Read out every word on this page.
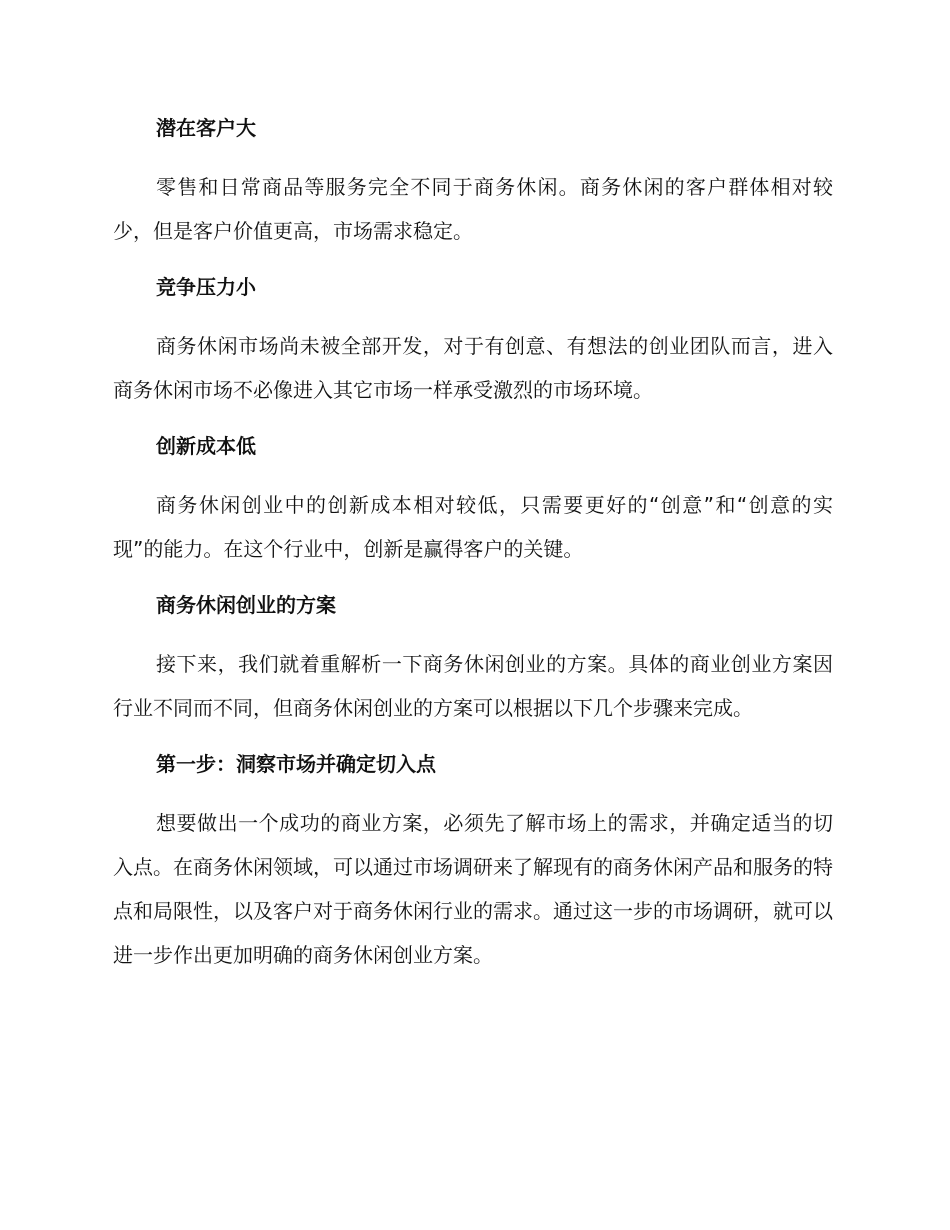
潜在客户大
零售和日常商品等服务完全不同于商务休闲。商务休闲的客户群体相对较少，但是客户价值更高，市场需求稳定。
竞争压力小
商务休闲市场尚未被全部开发，对于有创意、有想法的创业团队而言，进入商务休闲市场不必像进入其它市场一样承受激烈的市场环境。
创新成本低
商务休闲创业中的创新成本相对较低，只需要更好的“创意”和“创意的实现”的能力。在这个行业中，创新是赢得客户的关键。
商务休闲创业的方案
接下来，我们就着重解析一下商务休闲创业的方案。具体的商业创业方案因行业不同而不同，但商务休闲创业的方案可以根据以下几个步骤来完成。
第一步：洞察市场并确定切入点
想要做出一个成功的商业方案，必须先了解市场上的需求，并确定适当的切入点。在商务休闲领域，可以通过市场调研来了解现有的商务休闲产品和服务的特点和局限性，以及客户对于商务休闲行业的需求。通过这一步的市场调研，就可以进一步作出更加明确的商务休闲创业方案。
